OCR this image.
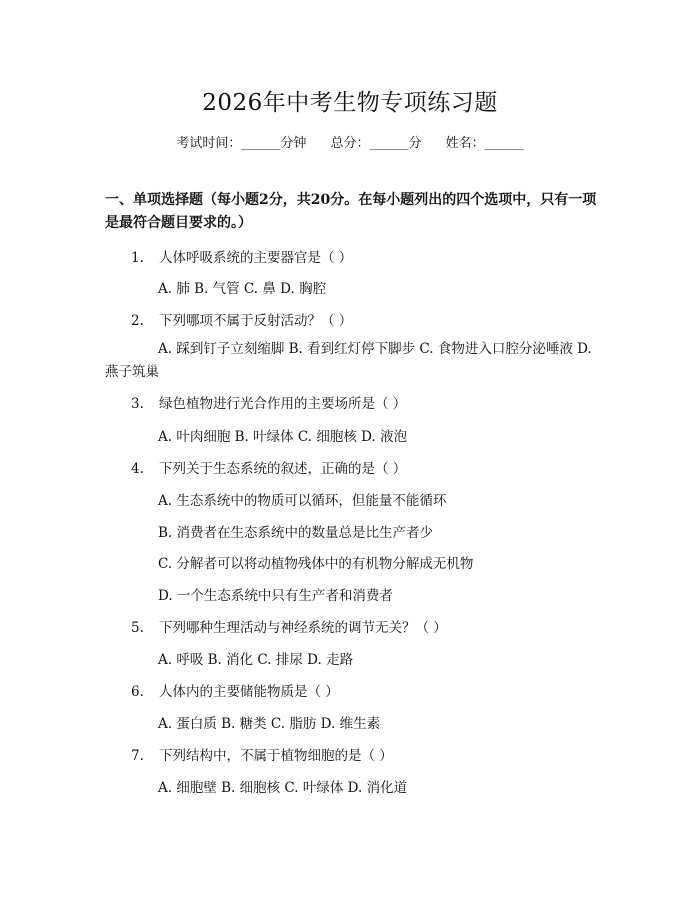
2026年中考生物专项练习题
考试时间：______分钟 总分：______分 姓名：______

一、单项选择题（每小题2分，共20分。在每小题列出的四个选项中，只有一项是最符合题目要求的。）

1. 人体呼吸系统的主要器官是（ ）
A. 肺 B. 气管 C. 鼻 D. 胸腔
2. 下列哪项不属于反射活动？（ ）
A. 踩到钉子立刻缩脚 B. 看到红灯停下脚步 C. 食物进入口腔分泌唾液 D. 燕子筑巢
3. 绿色植物进行光合作用的主要场所是（ ）
A. 叶肉细胞 B. 叶绿体 C. 细胞核 D. 液泡
4. 下列关于生态系统的叙述，正确的是（ ）
A. 生态系统中的物质可以循环，但能量不能循环
B. 消费者在生态系统中的数量总是比生产者少
C. 分解者可以将动植物残体中的有机物分解成无机物
D. 一个生态系统中只有生产者和消费者
5. 下列哪种生理活动与神经系统的调节无关？（ ）
A. 呼吸 B. 消化 C. 排尿 D. 走路
6. 人体内的主要储能物质是（ ）
A. 蛋白质 B. 糖类 C. 脂肪 D. 维生素
7. 下列结构中，不属于植物细胞的是（ ）
A. 细胞壁 B. 细胞核 C. 叶绿体 D. 消化道
